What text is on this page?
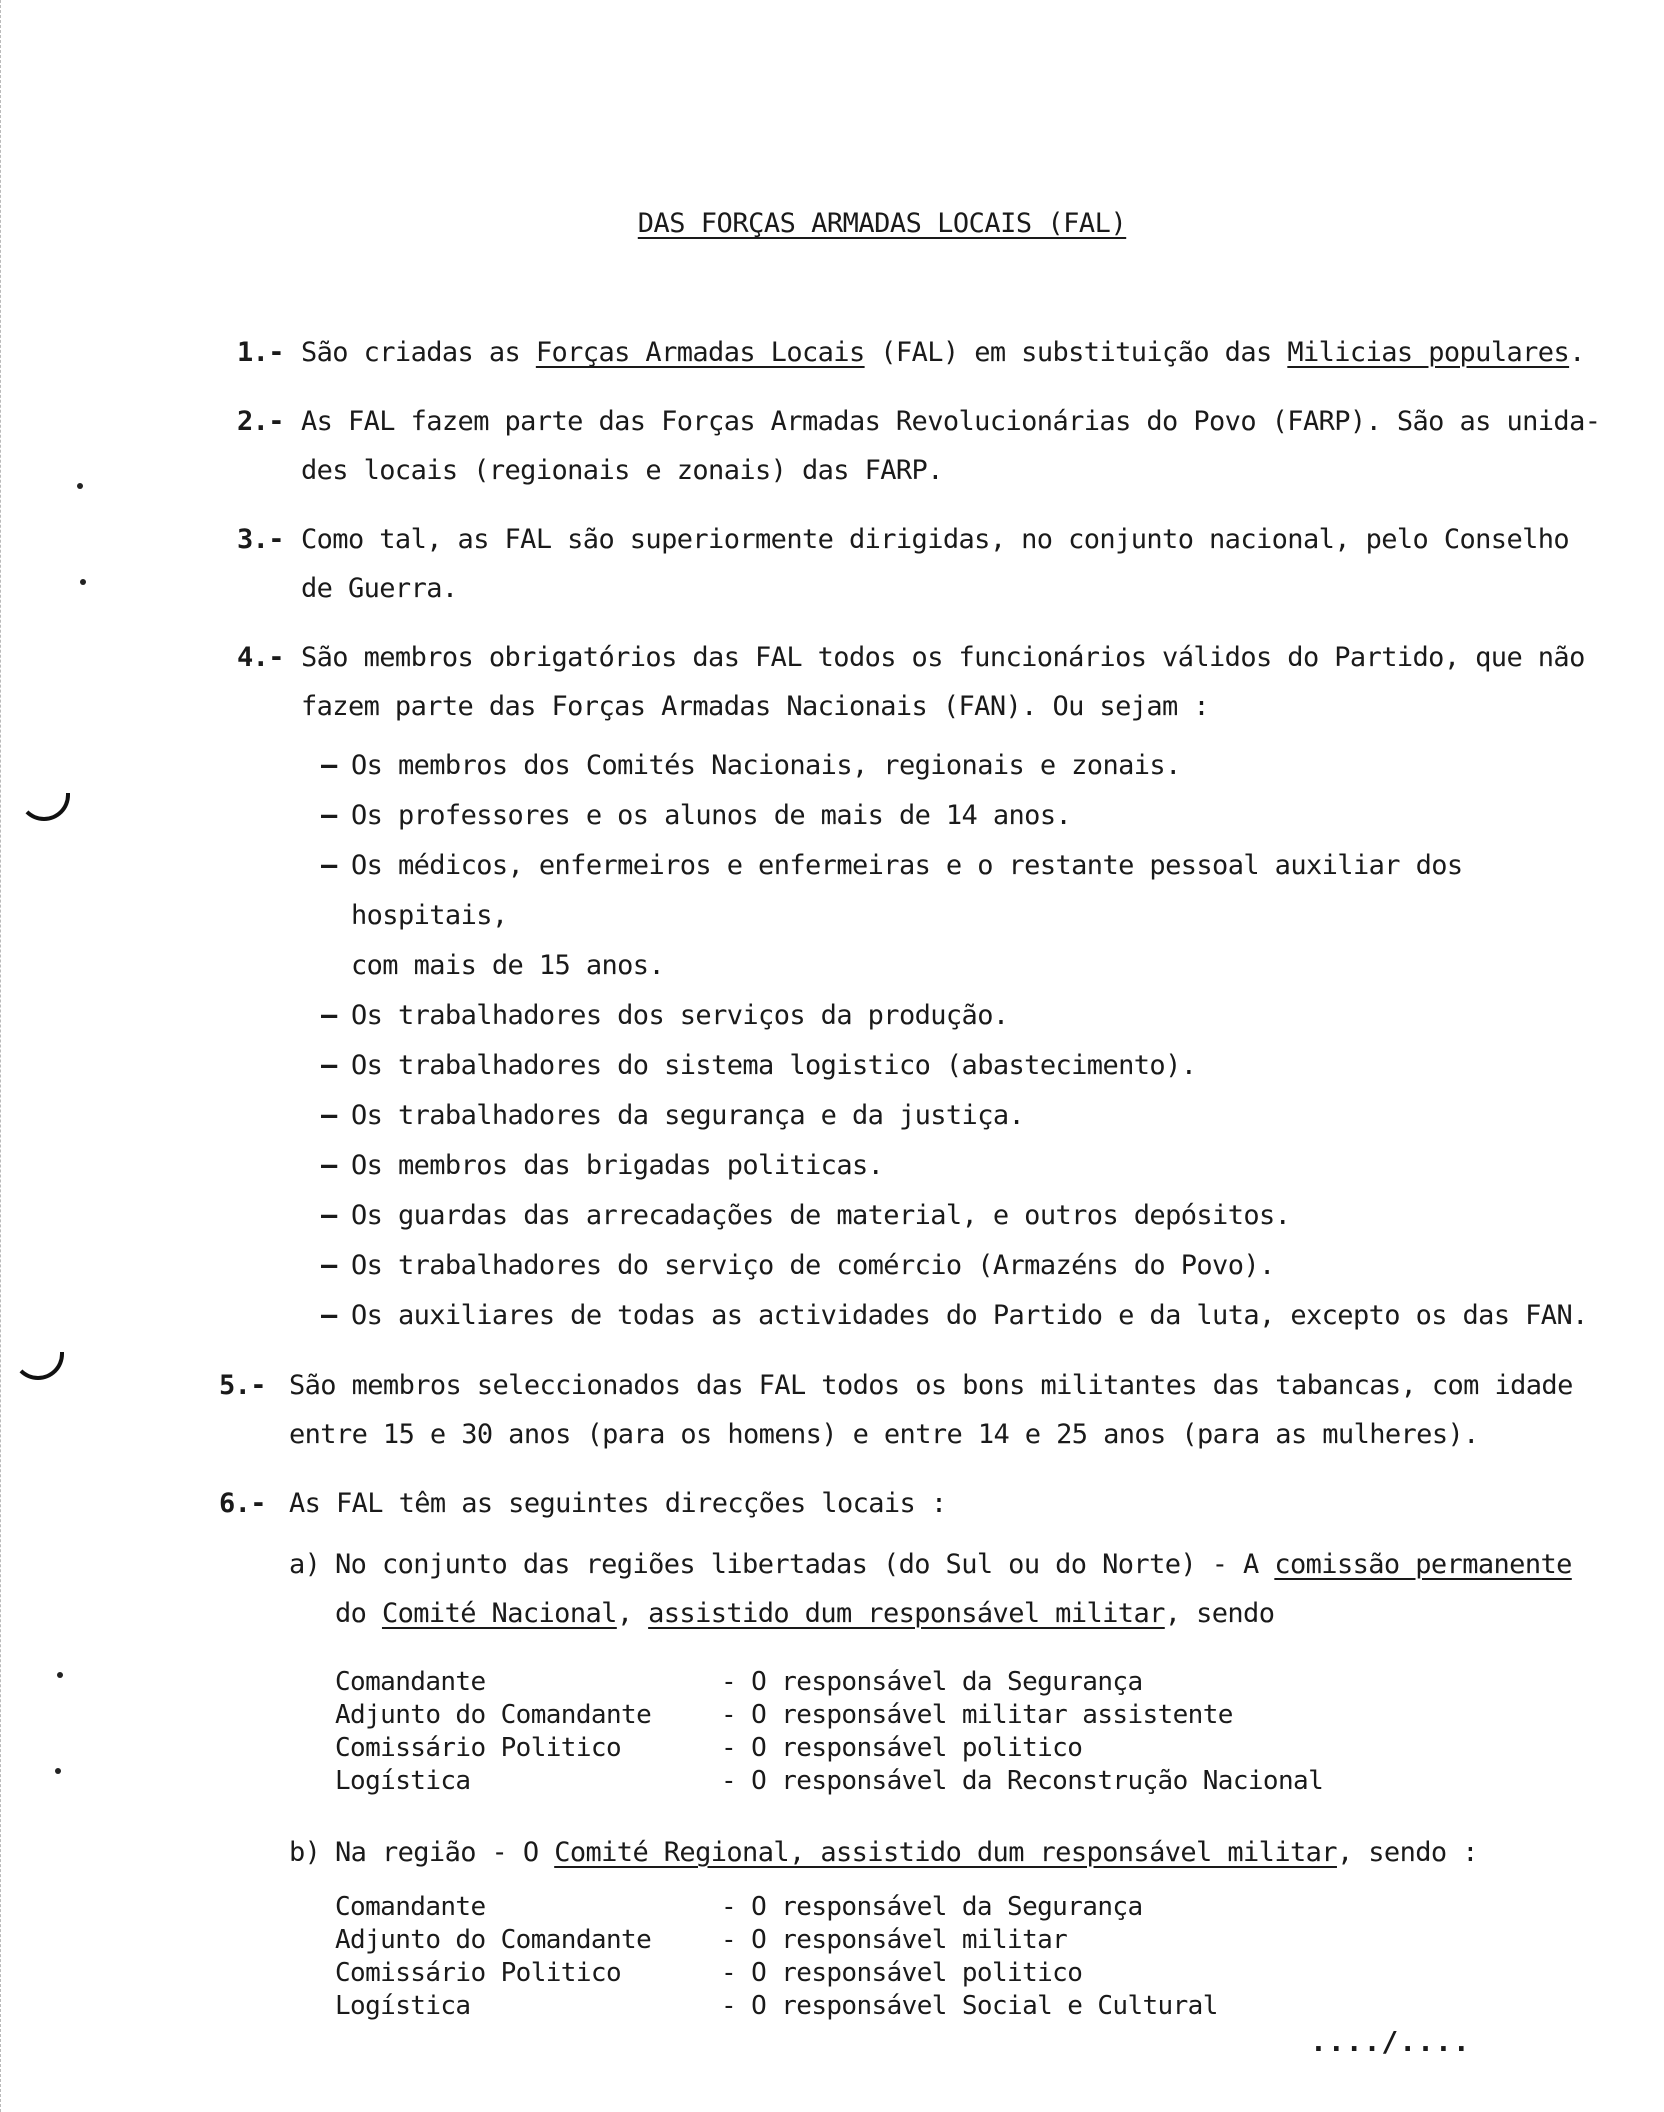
DAS FORÇAS ARMADAS LOCAIS (FAL)
1.- São criadas as Forças Armadas Locais (FAL) em substituição das Milicias populares.
2.- As FAL fazem parte das Forças Armadas Revolucionárias do Povo (FARP). São as unida-
des locais (regionais e zonais) das FARP.
3.- Como tal, as FAL são superiormente dirigidas, no conjunto nacional, pelo Conselho
de Guerra.
4.- São membros obrigatórios das FAL todos os funcionários válidos do Partido, que não
fazem parte das Forças Armadas Nacionais (FAN). Ou sejam :
– Os membros dos Comités Nacionais, regionais e zonais.
– Os professores e os alunos de mais de 14 anos.
– Os médicos, enfermeiros e enfermeiras e o restante pessoal auxiliar dos hospitais,
com mais de 15 anos.
– Os trabalhadores dos serviços da produção.
– Os trabalhadores do sistema logistico (abastecimento).
– Os trabalhadores da segurança e da justiça.
– Os membros das brigadas politicas.
– Os guardas das arrecadações de material, e outros depósitos.
– Os trabalhadores do serviço de comércio (Armazéns do Povo).
– Os auxiliares de todas as actividades do Partido e da luta, excepto os das FAN.
5.- São membros seleccionados das FAL todos os bons militantes das tabancas, com idade
entre 15 e 30 anos (para os homens) e entre 14 e 25 anos (para as mulheres).
6.- As FAL têm as seguintes direcções locais :
a) No conjunto das regiões libertadas (do Sul ou do Norte) - A comissão permanente
do Comité Nacional, assistido dum responsável militar, sendo
Comandante	- O responsável da Segurança
Adjunto do Comandante	- O responsável militar assistente
Comissário Politico	- O responsável politico
Logística	- O responsável da Reconstrução Nacional
b) Na região - O Comité Regional, assistido dum responsável militar, sendo :
Comandante	- O responsável da Segurança
Adjunto do Comandante	- O responsável militar
Comissário Politico	- O responsável politico
Logística	- O responsável Social e Cultural
..../....
